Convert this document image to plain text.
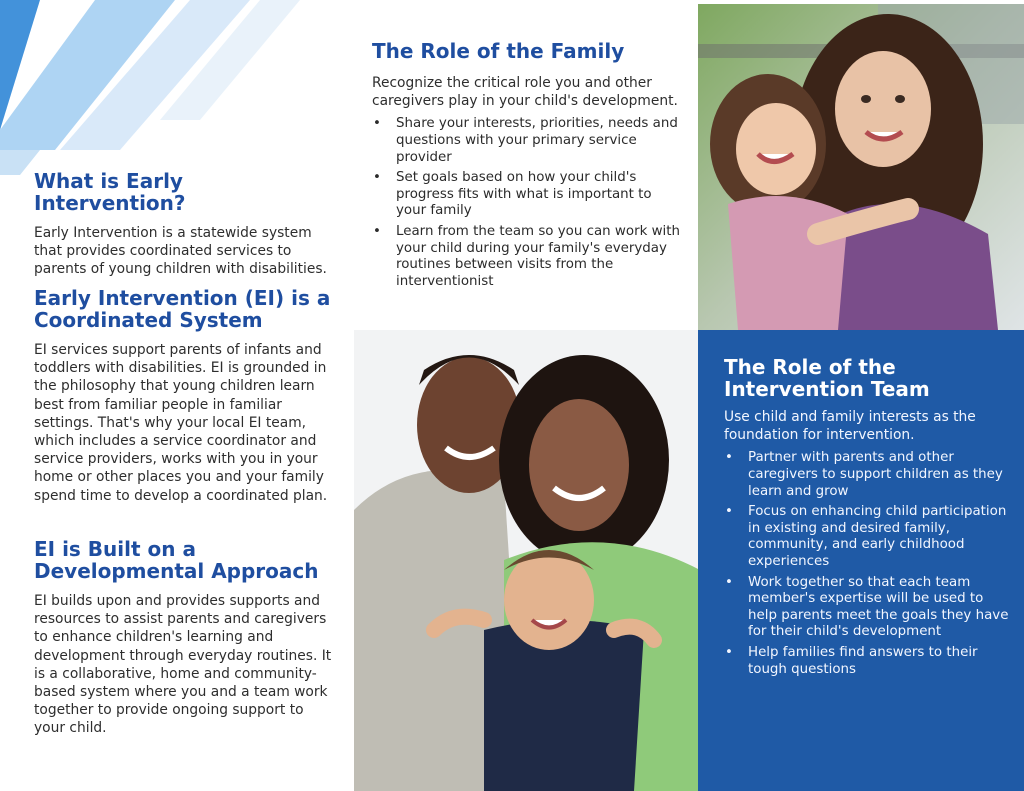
What is Early Intervention?

Early Intervention is a statewide system that provides coordinated services to parents of young children with disabilities.

Early Intervention (EI) is a Coordinated System

EI services support parents of infants and toddlers with disabilities. EI is grounded in the philosophy that young children learn best from familiar people in familiar settings. That's why your local EI team, which includes a service coordinator and service providers, works with you in your home or other places you and your family spend time to develop a coordinated plan.

EI is Built on a Developmental Approach

EI builds upon and provides supports and resources to assist parents and caregivers to enhance children's learning and development through everyday routines. It is a collaborative, home and community-based system where you and a team work together to provide ongoing support to your child.

The Role of the Family

Recognize the critical role you and other caregivers play in your child's development.

• Share your interests, priorities, needs and questions with your primary service provider
• Set goals based on how your child's progress fits with what is important to your family
• Learn from the team so you can work with your child during your family's everyday routines between visits from the interventionist
The Role of the Intervention Team

Use child and family interests as the foundation for intervention.

• Partner with parents and other caregivers to support children as they learn and grow
• Focus on enhancing child participation in existing and desired family, community, and early childhood experiences
• Work together so that each team member's expertise will be used to help parents meet the goals they have for their child's development
• Help families find answers to their tough questions
